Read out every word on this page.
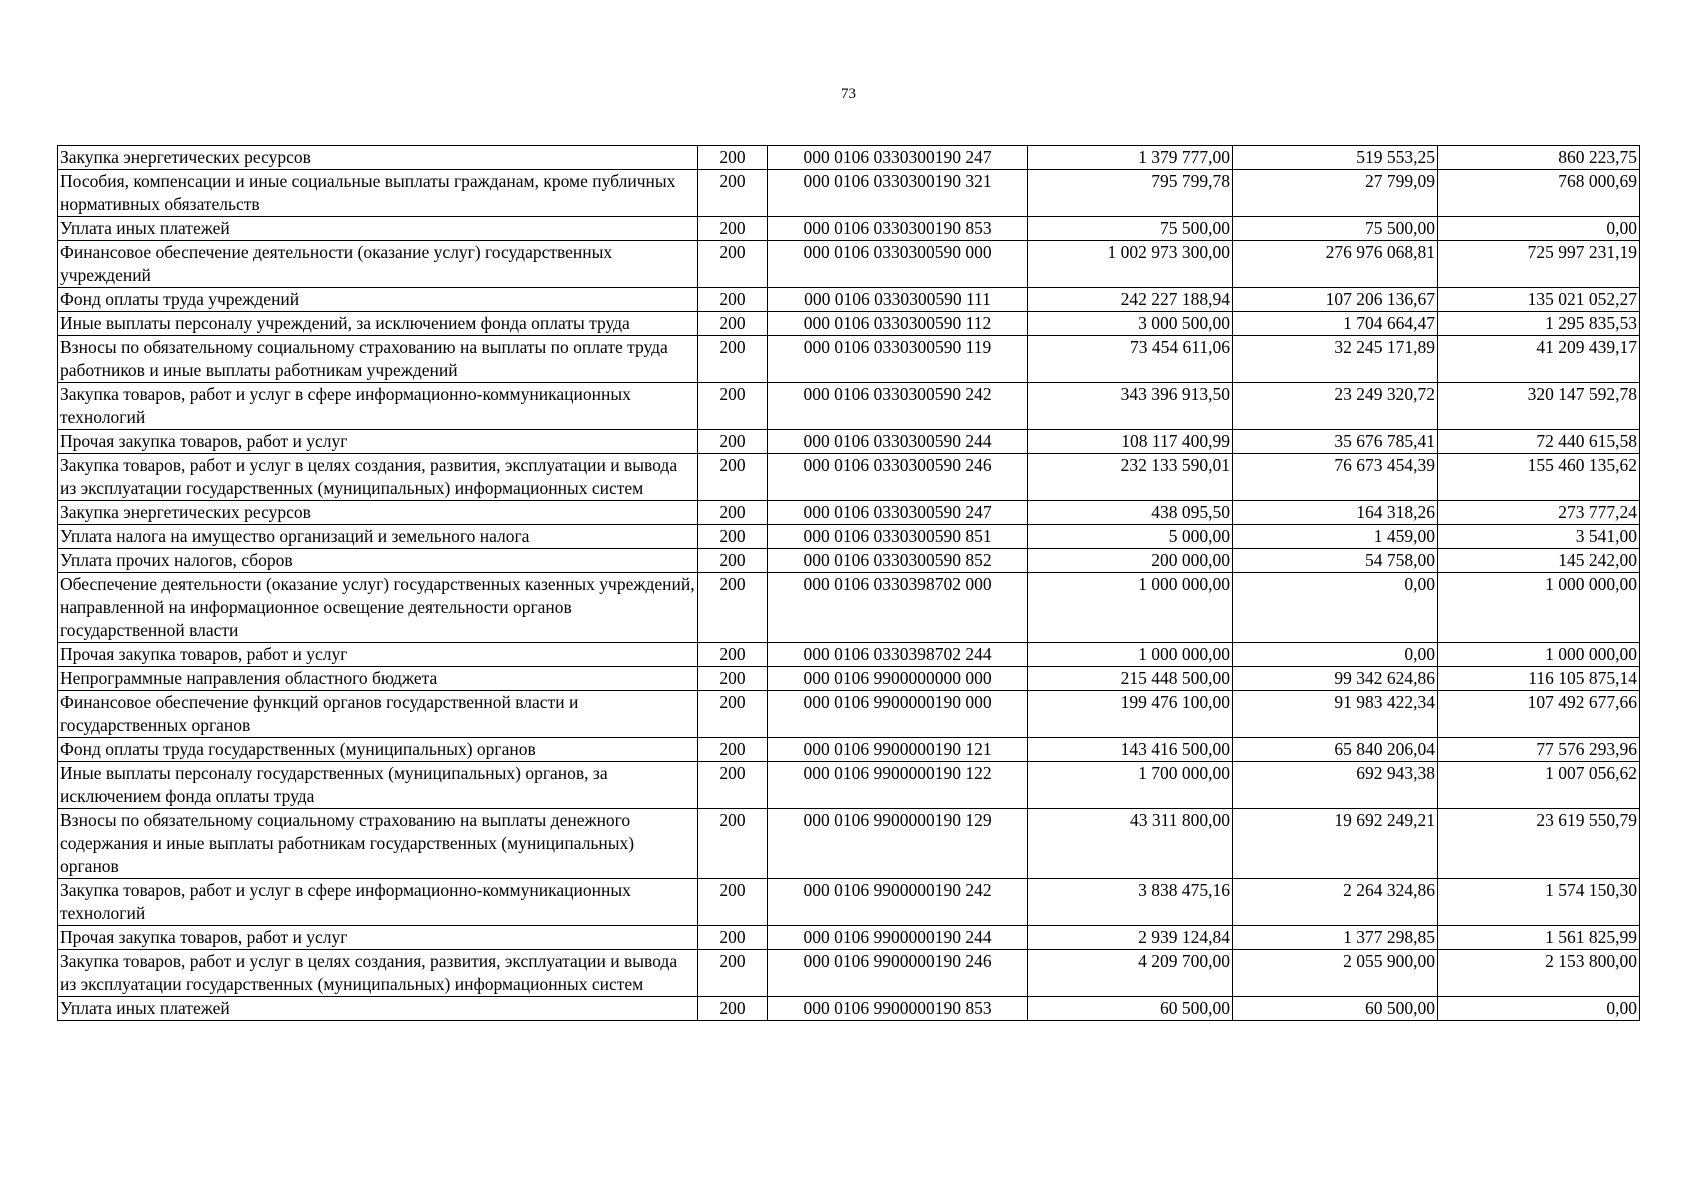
73
Закупка энергетических ресурсов	200	000 0106 0330300190 247	1 379 777,00	519 553,25	860 223,75
Пособия, компенсации и иные социальные выплаты гражданам, кроме публичных нормативных обязательств	200	000 0106 0330300190 321	795 799,78	27 799,09	768 000,69
Уплата иных платежей	200	000 0106 0330300190 853	75 500,00	75 500,00	0,00
Финансовое обеспечение деятельности (оказание услуг) государственных учреждений	200	000 0106 0330300590 000	1 002 973 300,00	276 976 068,81	725 997 231,19
Фонд оплаты труда учреждений	200	000 0106 0330300590 111	242 227 188,94	107 206 136,67	135 021 052,27
Иные выплаты персоналу учреждений, за исключением фонда оплаты труда	200	000 0106 0330300590 112	3 000 500,00	1 704 664,47	1 295 835,53
Взносы по обязательному социальному страхованию на выплаты по оплате труда работников и иные выплаты работникам учреждений	200	000 0106 0330300590 119	73 454 611,06	32 245 171,89	41 209 439,17
Закупка товаров, работ и услуг в сфере информационно-коммуникационных технологий	200	000 0106 0330300590 242	343 396 913,50	23 249 320,72	320 147 592,78
Прочая закупка товаров, работ и услуг	200	000 0106 0330300590 244	108 117 400,99	35 676 785,41	72 440 615,58
Закупка товаров, работ и услуг в целях создания, развития, эксплуатации и вывода из эксплуатации государственных (муниципальных) информационных систем	200	000 0106 0330300590 246	232 133 590,01	76 673 454,39	155 460 135,62
Закупка энергетических ресурсов	200	000 0106 0330300590 247	438 095,50	164 318,26	273 777,24
Уплата налога на имущество организаций и земельного налога	200	000 0106 0330300590 851	5 000,00	1 459,00	3 541,00
Уплата прочих налогов, сборов	200	000 0106 0330300590 852	200 000,00	54 758,00	145 242,00
Обеспечение деятельности (оказание услуг) государственных казенных учреждений, направленной на информационное освещение деятельности органов государственной власти	200	000 0106 0330398702 000	1 000 000,00	0,00	1 000 000,00
Прочая закупка товаров, работ и услуг	200	000 0106 0330398702 244	1 000 000,00	0,00	1 000 000,00
Непрограммные направления областного бюджета	200	000 0106 9900000000 000	215 448 500,00	99 342 624,86	116 105 875,14
Финансовое обеспечение функций органов государственной власти и государственных органов	200	000 0106 9900000190 000	199 476 100,00	91 983 422,34	107 492 677,66
Фонд оплаты труда государственных (муниципальных) органов	200	000 0106 9900000190 121	143 416 500,00	65 840 206,04	77 576 293,96
Иные выплаты персоналу государственных (муниципальных) органов, за исключением фонда оплаты труда	200	000 0106 9900000190 122	1 700 000,00	692 943,38	1 007 056,62
Взносы по обязательному социальному страхованию на выплаты денежного содержания и иные выплаты работникам государственных (муниципальных) органов	200	000 0106 9900000190 129	43 311 800,00	19 692 249,21	23 619 550,79
Закупка товаров, работ и услуг в сфере информационно-коммуникационных технологий	200	000 0106 9900000190 242	3 838 475,16	2 264 324,86	1 574 150,30
Прочая закупка товаров, работ и услуг	200	000 0106 9900000190 244	2 939 124,84	1 377 298,85	1 561 825,99
Закупка товаров, работ и услуг в целях создания, развития, эксплуатации и вывода из эксплуатации государственных (муниципальных) информационных систем	200	000 0106 9900000190 246	4 209 700,00	2 055 900,00	2 153 800,00
Уплата иных платежей	200	000 0106 9900000190 853	60 500,00	60 500,00	0,00
